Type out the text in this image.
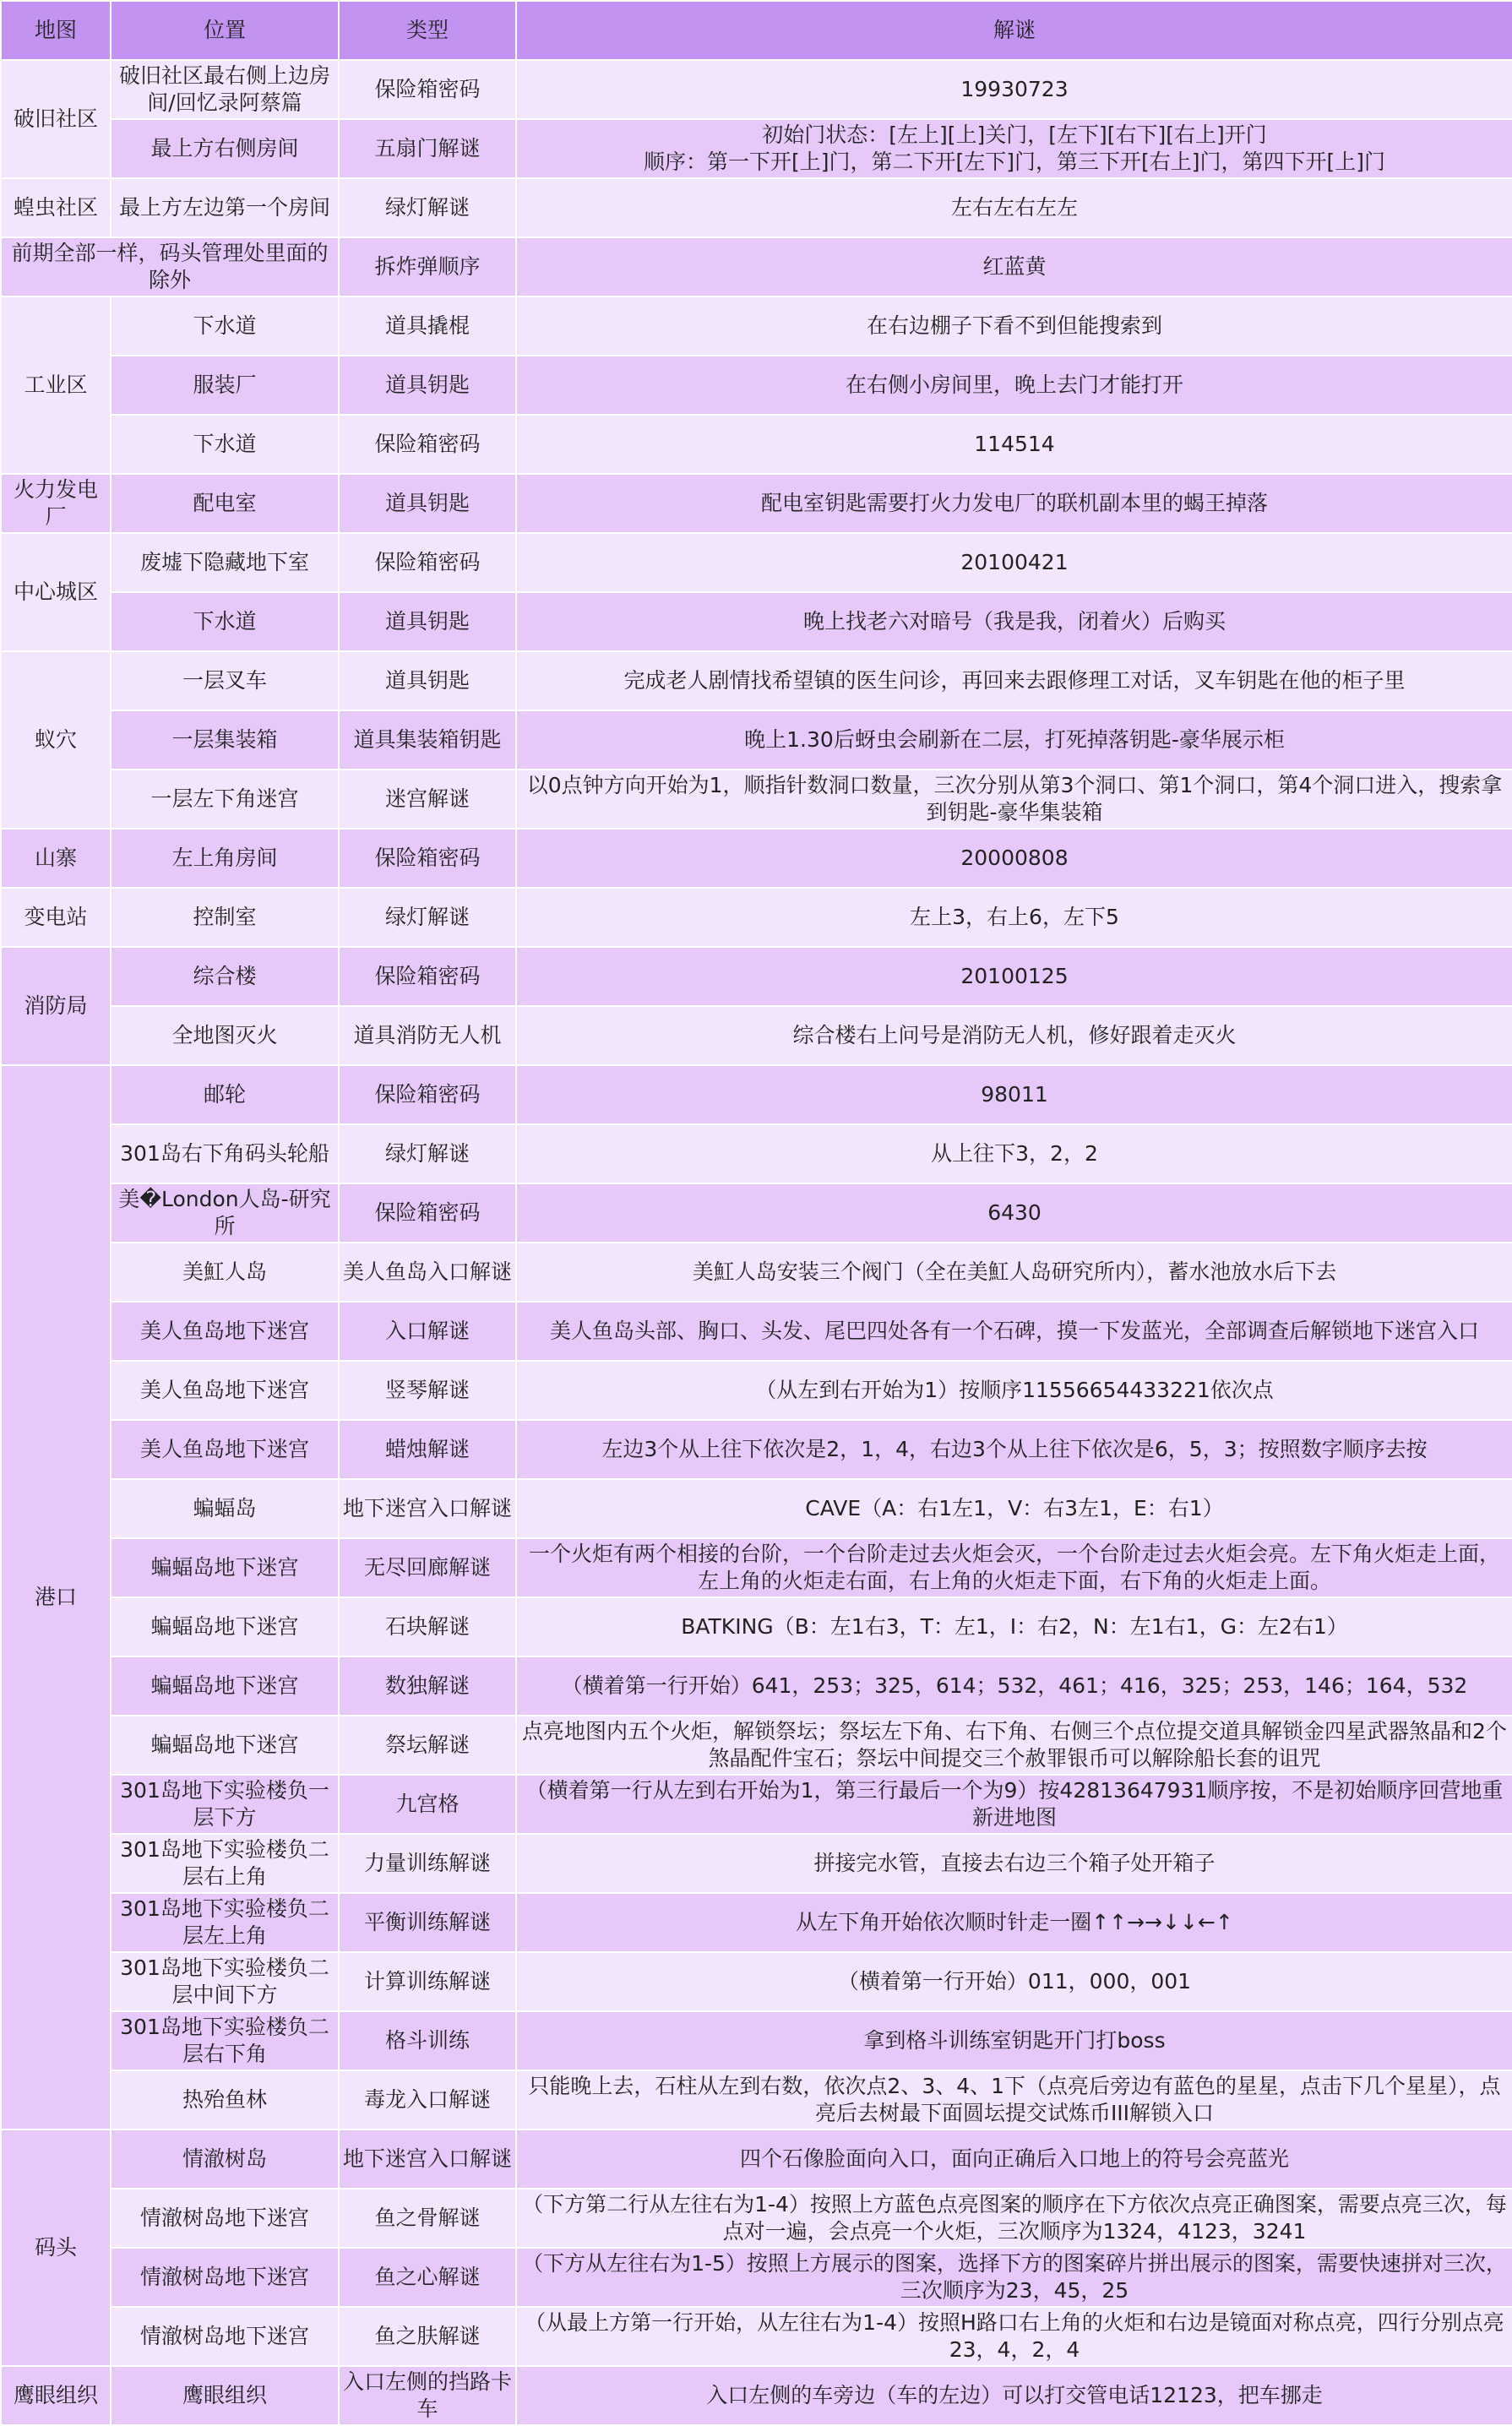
地图	位置	类型	解谜
破旧社区	破旧社区最右侧上边房间/回忆录阿蔡篇	保险箱密码	19930723
	最上方右侧房间	五扇门解谜	初始门状态：[左上][上]关门，[左下][右下][右上]开门
顺序：第一下开[上]门，第二下开[左下]门，第三下开[右上]门，第四下开[上]门
蝗虫社区	最上方左边第一个房间	绿灯解谜	左右左右左左
前期全部一样，码头管理处里面的除外		拆炸弹顺序	红蓝黄
工业区	下水道	道具撬棍	在右边棚子下看不到但能搜索到
	服装厂	道具钥匙	在右侧小房间里，晚上去门才能打开
	下水道	保险箱密码	114514
火力发电厂	配电室	道具钥匙	配电室钥匙需要打火力发电厂的联机副本里的蝎王掉落
中心城区	废墟下隐藏地下室	保险箱密码	20100421
	下水道	道具钥匙	晚上找老六对暗号（我是我，闭着火）后购买
蚁穴	一层叉车	道具钥匙	完成老人剧情找希望镇的医生问诊，再回来去跟修理工对话，叉车钥匙在他的柜子里
	一层集装箱	道具集装箱钥匙	晚上1.30后蚜虫会刷新在二层，打死掉落钥匙-豪华展示柜
	一层左下角迷宫	迷宫解谜	以0点钟方向开始为1，顺指针数洞口数量，三次分别从第3个洞口、第1个洞口，第4个洞口进入，搜索拿到钥匙-豪华集装箱
山寨	左上角房间	保险箱密码	20000808
变电站	控制室	绿灯解谜	左上3，右上6，左下5
消防局	综合楼	保险箱密码	20100125
	全地图灭火	道具消防无人机	综合楼右上问号是消防无人机，修好跟着走灭火
港口	邮轮	保险箱密码	98011
	301岛右下角码头轮船	绿灯解谜	从上往下3，2，2
	美�London人岛-研究所	保险箱密码	6430
	美魟人岛	美人鱼岛入口解谜	美魟人岛安装三个阀门（全在美魟人岛研究所内），蓄水池放水后下去
	美人鱼岛地下迷宫	入口解谜	美人鱼岛头部、胸口、头发、尾巴四处各有一个石碑，摸一下发蓝光，全部调查后解锁地下迷宫入口
	美人鱼岛地下迷宫	竖琴解谜	（从左到右开始为1）按顺序11556654433221依次点
	美人鱼岛地下迷宫	蜡烛解谜	左边3个从上往下依次是2，1，4，右边3个从上往下依次是6，5，3；按照数字顺序去按
	蝙蝠岛	地下迷宫入口解谜	CAVE（A：右1左1，V：右3左1，E：右1）
	蝙蝠岛地下迷宫	无尽回廊解谜	一个火炬有两个相接的台阶，一个台阶走过去火炬会灭，一个台阶走过去火炬会亮。左下角火炬走上面，左上角的火炬走右面，右上角的火炬走下面，右下角的火炬走上面。
	蝙蝠岛地下迷宫	石块解谜	BATKING（B：左1右3，T：左1，I：右2，N：左1右1，G：左2右1）
	蝙蝠岛地下迷宫	数独解谜	（横着第一行开始）641，253；325，614；532，461；416，325；253，146；164，532
	蝙蝠岛地下迷宫	祭坛解谜	点亮地图内五个火炬，解锁祭坛；祭坛左下角、右下角、右侧三个点位提交道具解锁金四星武器煞晶和2个煞晶配件宝石；祭坛中间提交三个赦罪银币可以解除船长套的诅咒
	301岛地下实验楼负一层下方	九宫格	（横着第一行从左到右开始为1，第三行最后一个为9）按42813647931顺序按，不是初始顺序回营地重新进地图
	301岛地下实验楼负二层右上角	力量训练解谜	拼接完水管，直接去右边三个箱子处开箱子
	301岛地下实验楼负二层左上角	平衡训练解谜	从左下角开始依次顺时针走一圈↑↑→→↓↓←↑
	301岛地下实验楼负二层中间下方	计算训练解谜	（横着第一行开始）011，000，001
	301岛地下实验楼负二层右下角	格斗训练	拿到格斗训练室钥匙开门打boss
	热殆鱼林	毒龙入口解谜	只能晚上去，石柱从左到右数，依次点2、3、4、1下（点亮后旁边有蓝色的星星，点击下几个星星），点亮后去树最下面圆坛提交试炼币III解锁入口
码头	情澈树岛	地下迷宫入口解谜	四个石像脸面向入口，面向正确后入口地上的符号会亮蓝光
	情澈树岛地下迷宫	鱼之骨解谜	（下方第二行从左往右为1-4）按照上方蓝色点亮图案的顺序在下方依次点亮正确图案，需要点亮三次，每点对一遍，会点亮一个火炬，三次顺序为1324，4123，3241
	情澈树岛地下迷宫	鱼之心解谜	（下方从左往右为1-5）按照上方展示的图案，选择下方的图案碎片拼出展示的图案，需要快速拼对三次，三次顺序为23，45，25
	情澈树岛地下迷宫	鱼之肤解谜	（从最上方第一行开始，从左往右为1-4）按照H路口右上角的火炬和右边是镜面对称点亮，四行分别点亮23，4，2，4
鹰眼组织	鹰眼组织	入口左侧的挡路卡车	入口左侧的车旁边（车的左边）可以打交管电话12123，把车挪走
